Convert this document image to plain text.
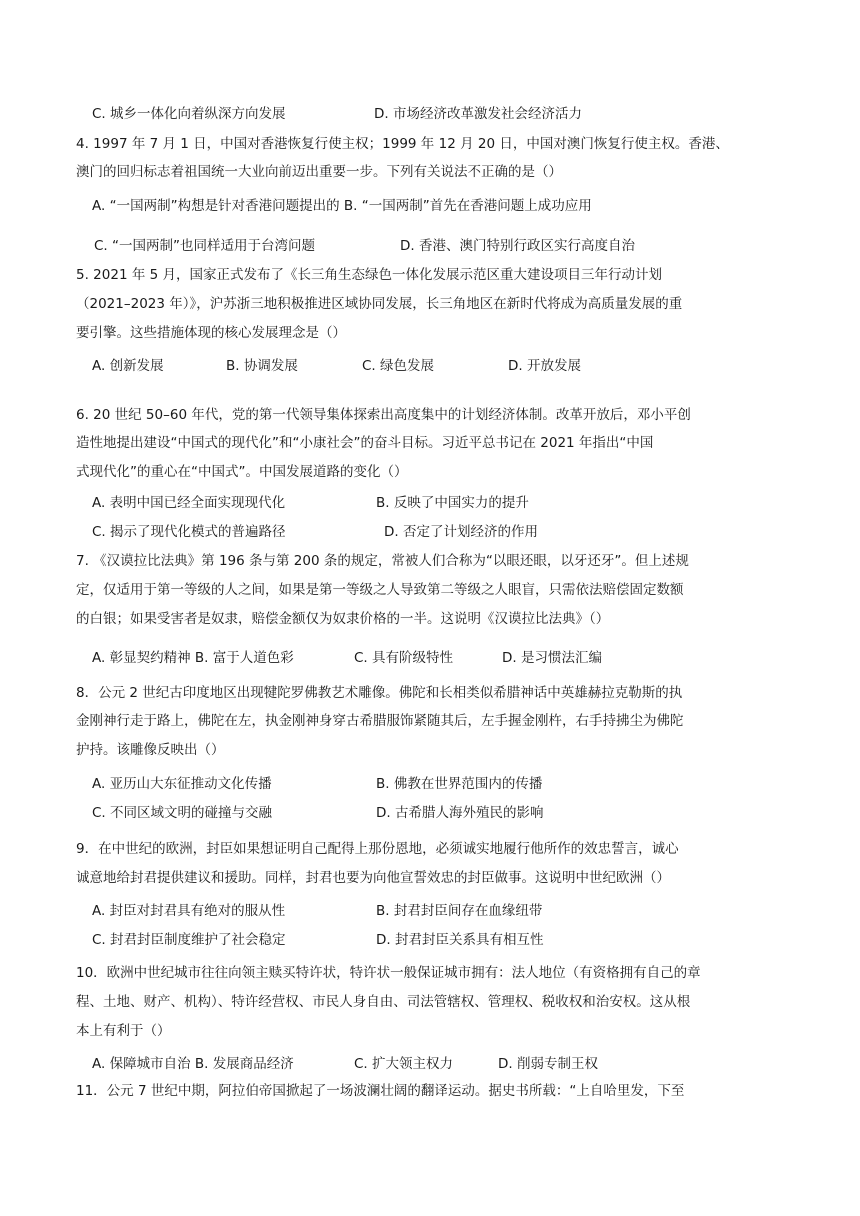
C. 城乡一体化向着纵深方向发展	D. 市场经济改革激发社会经济活力
4. 1997 年 7 月 1 日，中国对香港恢复行使主权；1999 年 12 月 20 日，中国对澳门恢复行使主权。香港、
澳门的回归标志着祖国统一大业向前迈出重要一步。下列有关说法不正确的是（）
A. “一国两制”构想是针对香港问题提出的 B. “一国两制”首先在香港问题上成功应用
C. “一国两制”也同样适用于台湾问题	D. 香港、澳门特别行政区实行高度自治
5. 2021 年 5 月，国家正式发布了《长三角生态绿色一体化发展示范区重大建设项目三年行动计划
（2021–2023 年）》，沪苏浙三地积极推进区域协同发展，长三角地区在新时代将成为高质量发展的重
要引擎。这些措施体现的核心发展理念是（）
A. 创新发展	B. 协调发展	C. 绿色发展	D. 开放发展
6. 20 世纪 50–60 年代，党的第一代领导集体探索出高度集中的计划经济体制。改革开放后，邓小平创
造性地提出建设“中国式的现代化”和“小康社会”的奋斗目标。习近平总书记在 2021 年指出“中国
式现代化”的重心在“中国式”。中国发展道路的变化（）
A. 表明中国已经全面实现现代化	B. 反映了中国实力的提升
C. 揭示了现代化模式的普遍路径	D. 否定了计划经济的作用
7. 《汉谟拉比法典》第 196 条与第 200 条的规定，常被人们合称为“以眼还眼，以牙还牙”。但上述规
定，仅适用于第一等级的人之间，如果是第一等级之人导致第二等级之人眼盲，只需依法赔偿固定数额
的白银；如果受害者是奴隶，赔偿金额仅为奴隶价格的一半。这说明《汉谟拉比法典》（）
A. 彰显契约精神 B. 富于人道色彩	C. 具有阶级特性	D. 是习惯法汇编
8．公元 2 世纪古印度地区出现犍陀罗佛教艺术雕像。佛陀和长相类似希腊神话中英雄赫拉克勒斯的执
金刚神行走于路上，佛陀在左，执金刚神身穿古希腊服饰紧随其后，左手握金刚杵，右手持拂尘为佛陀
护持。该雕像反映出（）
A. 亚历山大东征推动文化传播	B. 佛教在世界范围内的传播
C. 不同区域文明的碰撞与交融	D. 古希腊人海外殖民的影响
9．在中世纪的欧洲，封臣如果想证明自己配得上那份恩地，必须诚实地履行他所作的效忠誓言，诚心
诚意地给封君提供建议和援助。同样，封君也要为向他宣誓效忠的封臣做事。这说明中世纪欧洲（）
A. 封臣对封君具有绝对的服从性	B. 封君封臣间存在血缘纽带
C. 封君封臣制度维护了社会稳定	D. 封君封臣关系具有相互性
10．欧洲中世纪城市往往向领主赎买特许状，特许状一般保证城市拥有：法人地位（有资格拥有自己的章
程、土地、财产、机构）、特许经营权、市民人身自由、司法管辖权、管理权、税收权和治安权。这从根
本上有利于（）
A. 保障城市自治 B. 发展商品经济	C. 扩大领主权力	D. 削弱专制王权
11．公元 7 世纪中期，阿拉伯帝国掀起了一场波澜壮阔的翻译运动。据史书所载：“上自哈里发，下至
